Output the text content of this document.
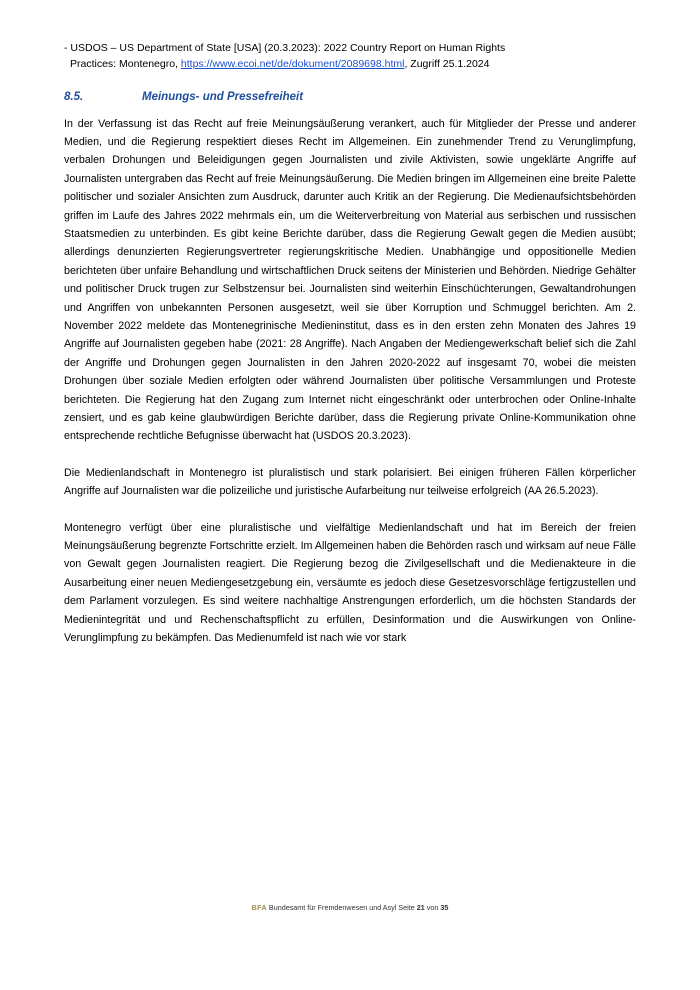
- USDOS – US Department of State [USA] (20.3.2023): 2022 Country Report on Human Rights
Practices: Montenegro, https://www.ecoi.net/de/dokument/2089698.html, Zugriff 25.1.2024
8.5.	Meinungs- und Pressefreiheit

In der Verfassung ist das Recht auf freie Meinungsäußerung verankert, auch für Mitglieder der Presse und anderer Medien, und die Regierung respektiert dieses Recht im Allgemeinen. Ein zunehmender Trend zu Verunglimpfung, verbalen Drohungen und Beleidigungen gegen Journalisten und zivile Aktivisten, sowie ungeklärte Angriffe auf Journalisten untergraben das Recht auf freie Meinungsäußerung. Die Medien bringen im Allgemeinen eine breite Palette politischer und sozialer Ansichten zum Ausdruck, darunter auch Kritik an der Regierung. Die Medienaufsichtsbehörden griffen im Laufe des Jahres 2022 mehrmals ein, um die Weiterverbreitung von Material aus serbischen und russischen Staatsmedien zu unterbinden. Es gibt keine Berichte darüber, dass die Regierung Gewalt gegen die Medien ausübt; allerdings denunzierten Regierungsvertreter regierungskritische Medien. Unabhängige und oppositionelle Medien berichteten über unfaire Behandlung und wirtschaftlichen Druck seitens der Ministerien und Behörden. Niedrige Gehälter und politischer Druck trugen zur Selbstzensur bei. Journalisten sind weiterhin Einschüchterungen, Gewaltandrohungen und Angriffen von unbekannten Personen ausgesetzt, weil sie über Korruption und Schmuggel berichten. Am 2. November 2022 meldete das Montenegrinische Medieninstitut, dass es in den ersten zehn Monaten des Jahres 19 Angriffe auf Journalisten gegeben habe (2021: 28 Angriffe). Nach Angaben der Mediengewerkschaft belief sich die Zahl der Angriffe und Drohungen gegen Journalisten in den Jahren 2020-2022 auf insgesamt 70, wobei die meisten Drohungen über soziale Medien erfolgten oder während Journalisten über politische Versammlungen und Proteste berichteten. Die Regierung hat den Zugang zum Internet nicht eingeschränkt oder unterbrochen oder Online-Inhalte zensiert, und es gab keine glaubwürdigen Berichte darüber, dass die Regierung private Online-Kommunikation ohne entsprechende rechtliche Befugnisse überwacht hat (USDOS 20.3.2023).

Die Medienlandschaft in Montenegro ist pluralistisch und stark polarisiert. Bei einigen früheren Fällen körperlicher Angriffe auf Journalisten war die polizeiliche und juristische Aufarbeitung nur teilweise erfolgreich (AA 26.5.2023).

Montenegro verfügt über eine pluralistische und vielfältige Medienlandschaft und hat im Bereich der freien Meinungsäußerung begrenzte Fortschritte erzielt. Im Allgemeinen haben die Behörden rasch und wirksam auf neue Fälle von Gewalt gegen Journalisten reagiert. Die Regierung bezog die Zivilgesellschaft und die Medienakteure in die Ausarbeitung einer neuen Mediengesetzgebung ein, versäumte es jedoch diese Gesetzesvorschläge fertigzustellen und dem Parlament vorzulegen. Es sind weitere nachhaltige Anstrengungen erforderlich, um die höchsten Standards der Medienintegrität und und Rechenschaftspflicht zu erfüllen, Desinformation und die Auswirkungen von Online-Verunglimpfung zu bekämpfen. Das Medienumfeld ist nach wie vor stark

BFA Bundesamt für Fremdenwesen und Asyl Seite 21 von 35
